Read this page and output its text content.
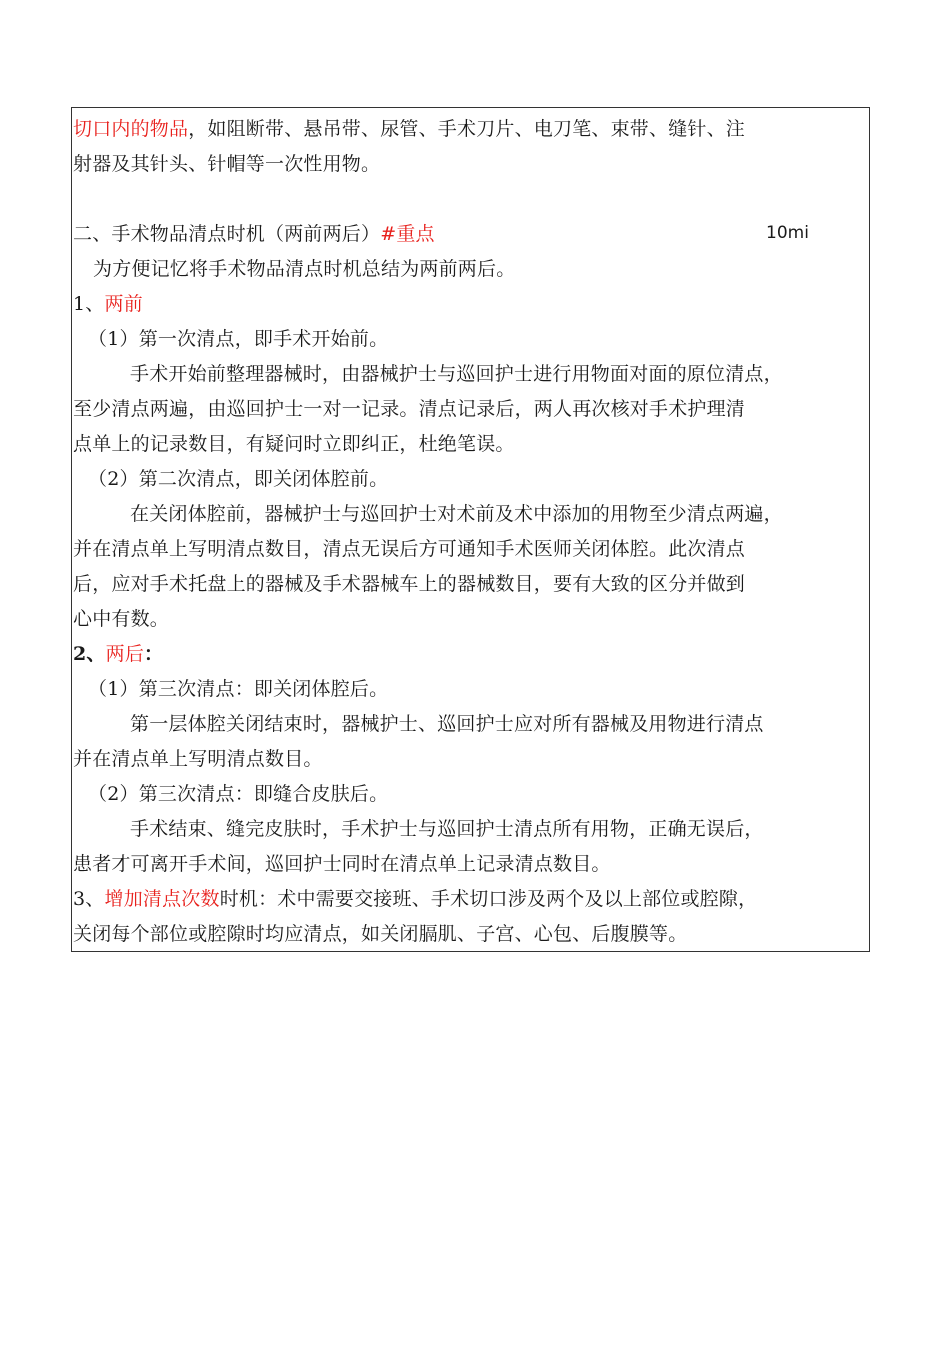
切口内的物品，如阻断带、悬吊带、尿管、手术刀片、电刀笔、束带、缝针、注
射器及其针头、针帽等一次性用物。
二、手术物品清点时机（两前两后）#重点	10mi
为方便记忆将手术物品清点时机总结为两前两后。
1、两前
（1）第一次清点，即手术开始前。
手术开始前整理器械时，由器械护士与巡回护士进行用物面对面的原位清点，
至少清点两遍，由巡回护士一对一记录。清点记录后，两人再次核对手术护理清
点单上的记录数目，有疑问时立即纠正，杜绝笔误。
（2）第二次清点，即关闭体腔前。
在关闭体腔前，器械护士与巡回护士对术前及术中添加的用物至少清点两遍，
并在清点单上写明清点数目，清点无误后方可通知手术医师关闭体腔。此次清点
后，应对手术托盘上的器械及手术器械车上的器械数目，要有大致的区分并做到
心中有数。
2、两后：
（1）第三次清点：即关闭体腔后。
第一层体腔关闭结束时，器械护士、巡回护士应对所有器械及用物进行清点
并在清点单上写明清点数目。
（2）第三次清点：即缝合皮肤后。
手术结束、缝完皮肤时，手术护士与巡回护士清点所有用物，正确无误后，
患者才可离开手术间，巡回护士同时在清点单上记录清点数目。
3、增加清点次数时机：术中需要交接班、手术切口涉及两个及以上部位或腔隙，
关闭每个部位或腔隙时均应清点，如关闭膈肌、子宫、心包、后腹膜等。
